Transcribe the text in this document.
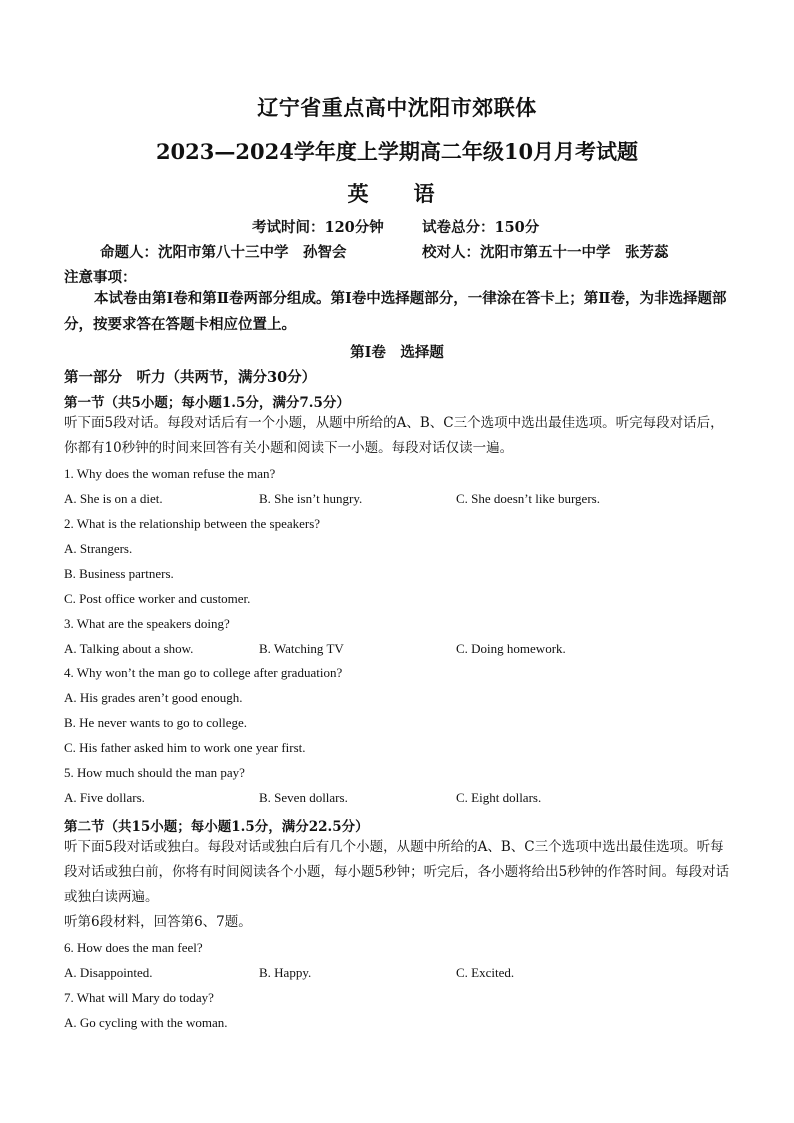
辽宁省重点高中沈阳市郊联体
2023—2024学年度上学期高二年级10月月考试题
英　语
考试时间：120分钟	试卷总分：150分
命题人：沈阳市第八十三中学　孙智会	校对人：沈阳市第五十一中学　张芳蕊
注意事项：
本试卷由第Ⅰ卷和第Ⅱ卷两部分组成。第Ⅰ卷中选择题部分，一律涂在答卡上；第Ⅱ卷，为非选择题部分，按要求答在答题卡相应位置上。
第Ⅰ卷　选择题
第一部分　听力（共两节，满分30分）
第一节（共5小题；每小题1.5分，满分7.5分）
听下面5段对话。每段对话后有一个小题，从题中所给的A、B、C三个选项中选出最佳选项。听完每段对话后，你都有10秒钟的时间来回答有关小题和阅读下一小题。每段对话仅读一遍。
1. Why does the woman refuse the man?
A. She is on a diet.	B. She isn’t hungry.	C. She doesn’t like burgers.
2. What is the relationship between the speakers?
A. Strangers.
B. Business partners.
C. Post office worker and customer.
3. What are the speakers doing?
A. Talking about a show.	B. Watching TV	C. Doing homework.
4. Why won’t the man go to college after graduation?
A. His grades aren’t good enough.
B. He never wants to go to college.
C. His father asked him to work one year first.
5. How much should the man pay?
A. Five dollars.	B. Seven dollars.	C. Eight dollars.
第二节（共15小题；每小题1.5分，满分22.5分）
听下面5段对话或独白。每段对话或独白后有几个小题，从题中所给的A、B、C三个选项中选出最佳选项。听每段对话或独白前，你将有时间阅读各个小题，每小题5秒钟；听完后，各小题将给出5秒钟的作答时间。每段对话或独白读两遍。
听第6段材料，回答第6、7题。
6. How does the man feel?
A. Disappointed.	B. Happy.	C. Excited.
7. What will Mary do today?
A. Go cycling with the woman.
